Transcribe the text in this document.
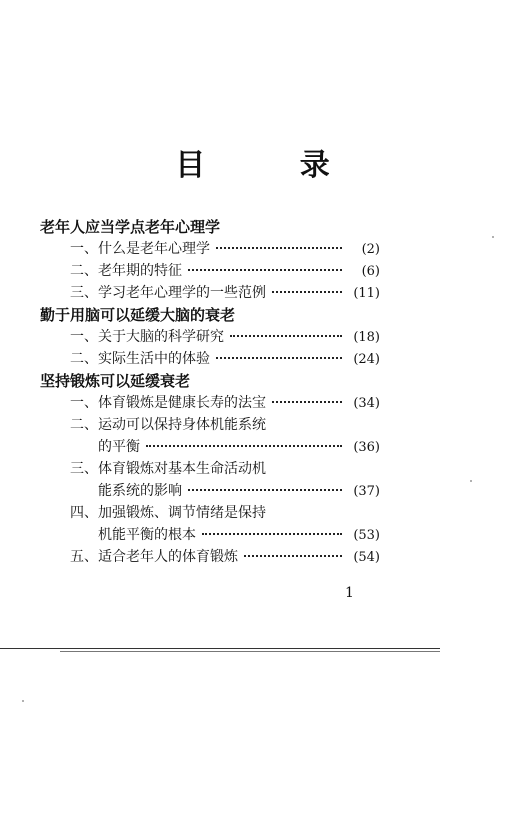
目 录
老年人应当学点老年心理学
一、什么是老年心理学	(2)
二、老年期的特征	(6)
三、学习老年心理学的一些范例	(11)
勤于用脑可以延缓大脑的衰老
一、关于大脑的科学研究	(18)
二、实际生活中的体验	(24)
坚持锻炼可以延缓衰老
一、体育锻炼是健康长寿的法宝	(34)
二、运动可以保持身体机能系统
的平衡	(36)
三、体育锻炼对基本生命活动机
能系统的影响	(37)
四、加强锻炼、调节情绪是保持
机能平衡的根本	(53)
五、适合老年人的体育锻炼	(54)
1
